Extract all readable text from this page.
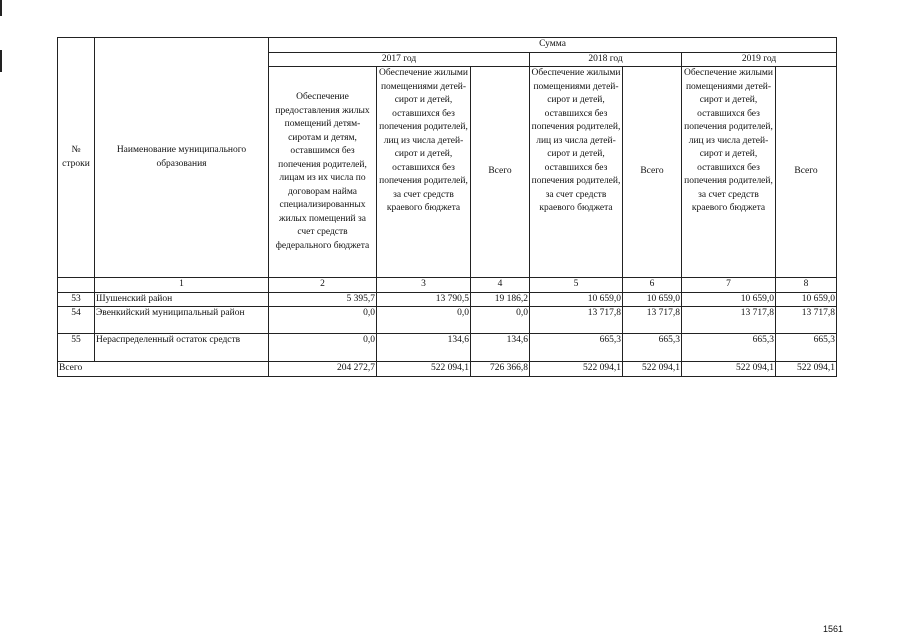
№ строки	Наименование муниципального образования	Сумма						
		2017 год			2018 год		2019 год	
		Обеспечение предоставления жилых помещений детям-сиротам и детям, оставшимся без попечения родителей, лицам из их числа по договорам найма специализированных жилых помещений за счет средств федерального бюджета	Обеспечение жилыми помещениями детей-сирот и детей, оставшихся без попечения родителей, лиц из числа детей-сирот и детей, оставшихся без попечения родителей, за счет средств краевого бюджета	Всего	Обеспечение жилыми помещениями детей-сирот и детей, оставшихся без попечения родителей, лиц из числа детей-сирот и детей, оставшихся без попечения родителей, за счет средств краевого бюджета	Всего	Обеспечение жилыми помещениями детей-сирот и детей, оставшихся без попечения родителей, лиц из числа детей-сирот и детей, оставшихся без попечения родителей, за счет средств краевого бюджета	Всего
	1	2	3	4	5	6	7	8
53	Шушенский район	5 395,7	13 790,5	19 186,2	10 659,0	10 659,0	10 659,0	10 659,0
54	Эвенкийский муниципальный район	0,0	0,0	0,0	13 717,8	13 717,8	13 717,8	13 717,8
55	Нераспределенный остаток средств	0,0	134,6	134,6	665,3	665,3	665,3	665,3
Всего		204 272,7	522 094,1	726 366,8	522 094,1	522 094,1	522 094,1	522 094,1
1561
